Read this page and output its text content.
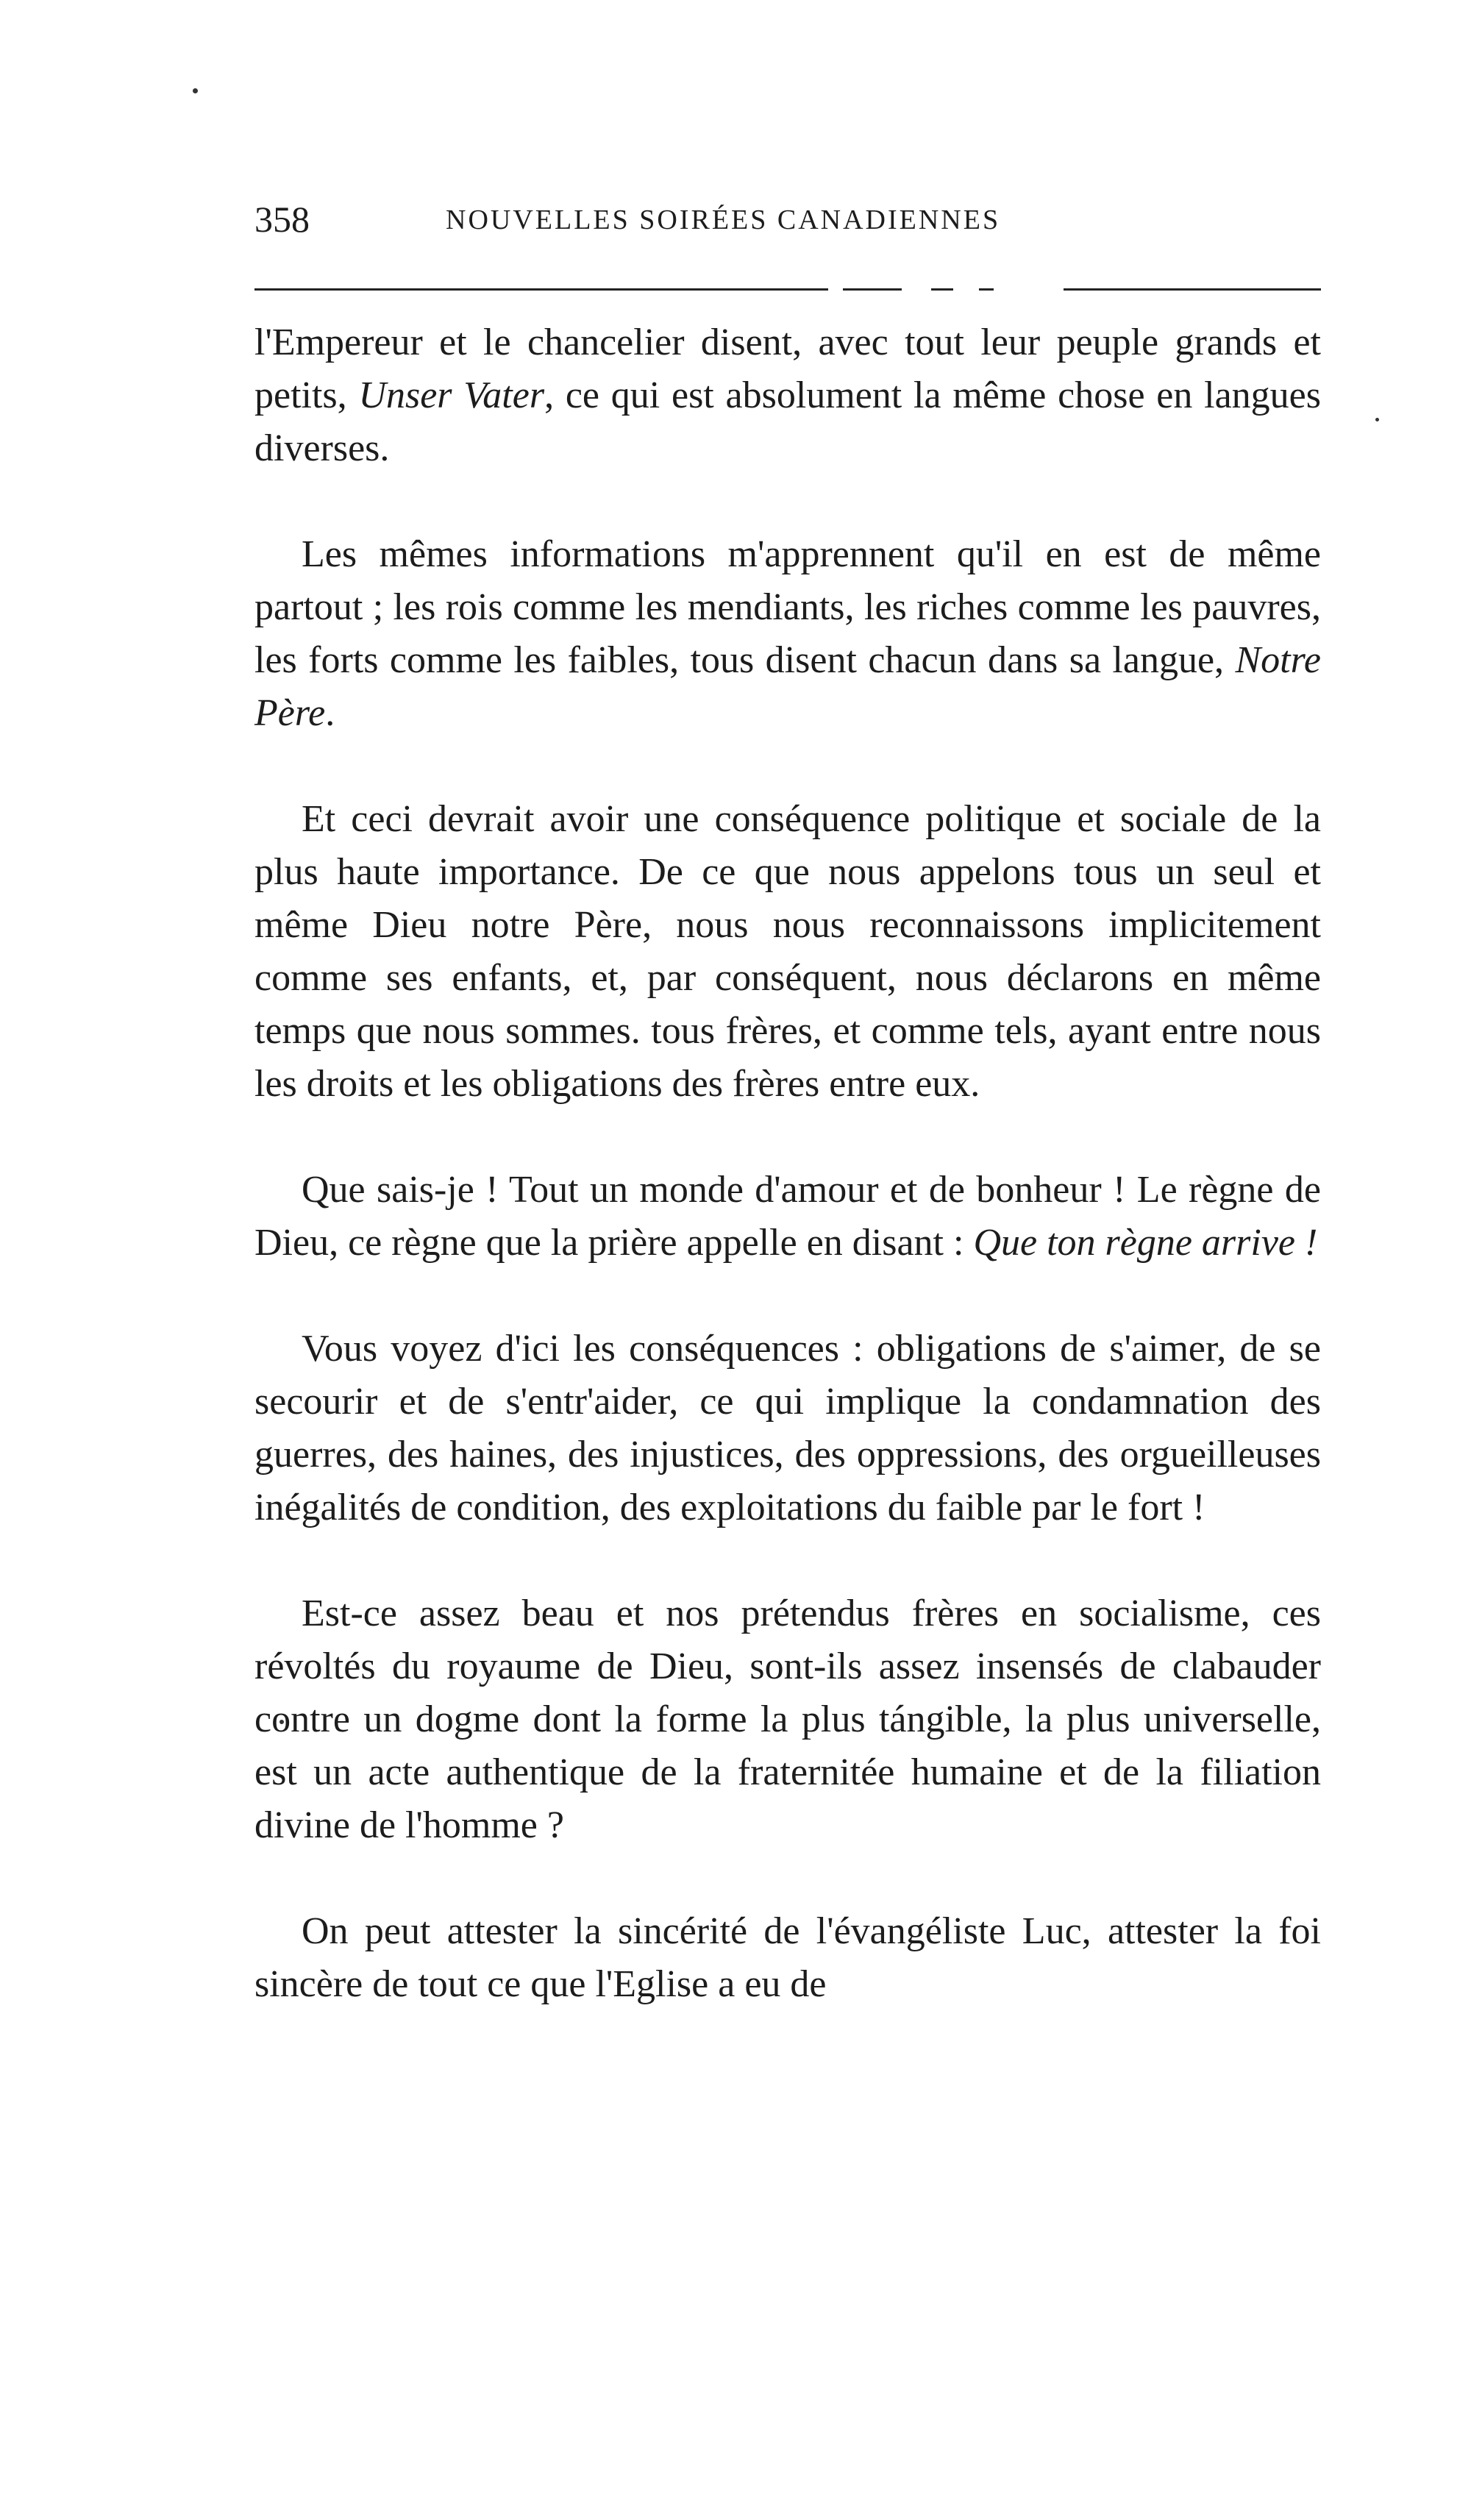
358	NOUVELLES SOIRÉES CANADIENNES

l'Empereur et le chancelier disent, avec tout leur peuple grands et petits, Unser Vater, ce qui est absolument la même chose en langues diverses.

Les mêmes informations m'apprennent qu'il en est de même partout ; les rois comme les mendiants, les riches comme les pauvres, les forts comme les faibles, tous disent chacun dans sa langue, Notre Père.

Et ceci devrait avoir une conséquence politique et sociale de la plus haute importance. De ce que nous appelons tous un seul et même Dieu notre Père, nous nous reconnaissons implicitement comme ses enfants, et, par conséquent, nous déclarons en même temps que nous sommes. tous frères, et comme tels, ayant entre nous les droits et les obligations des frères entre eux.

Que sais-je ! Tout un monde d'amour et de bonheur ! Le règne de Dieu, ce règne que la prière appelle en disant : Que ton règne arrive !

Vous voyez d'ici les conséquences : obligations de s'aimer, de se secourir et de s'entr'aider, ce qui implique la condamnation des guerres, des haines, des injustices, des oppressions, des orgueilleuses inégalités de condition, des exploitations du faible par le fort !

Est-ce assez beau et nos prétendus frères en socialisme, ces révoltés du royaume de Dieu, sont-ils assez insensés de clabauder contre un dogme dont la forme la plus tángible, la plus universelle, est un acte authentique de la fraternitée humaine et de la filiation divine de l'homme ?

On peut attester la sincérité de l'évangéliste Luc, attester la foi sincère de tout ce que l'Eglise a eu de
